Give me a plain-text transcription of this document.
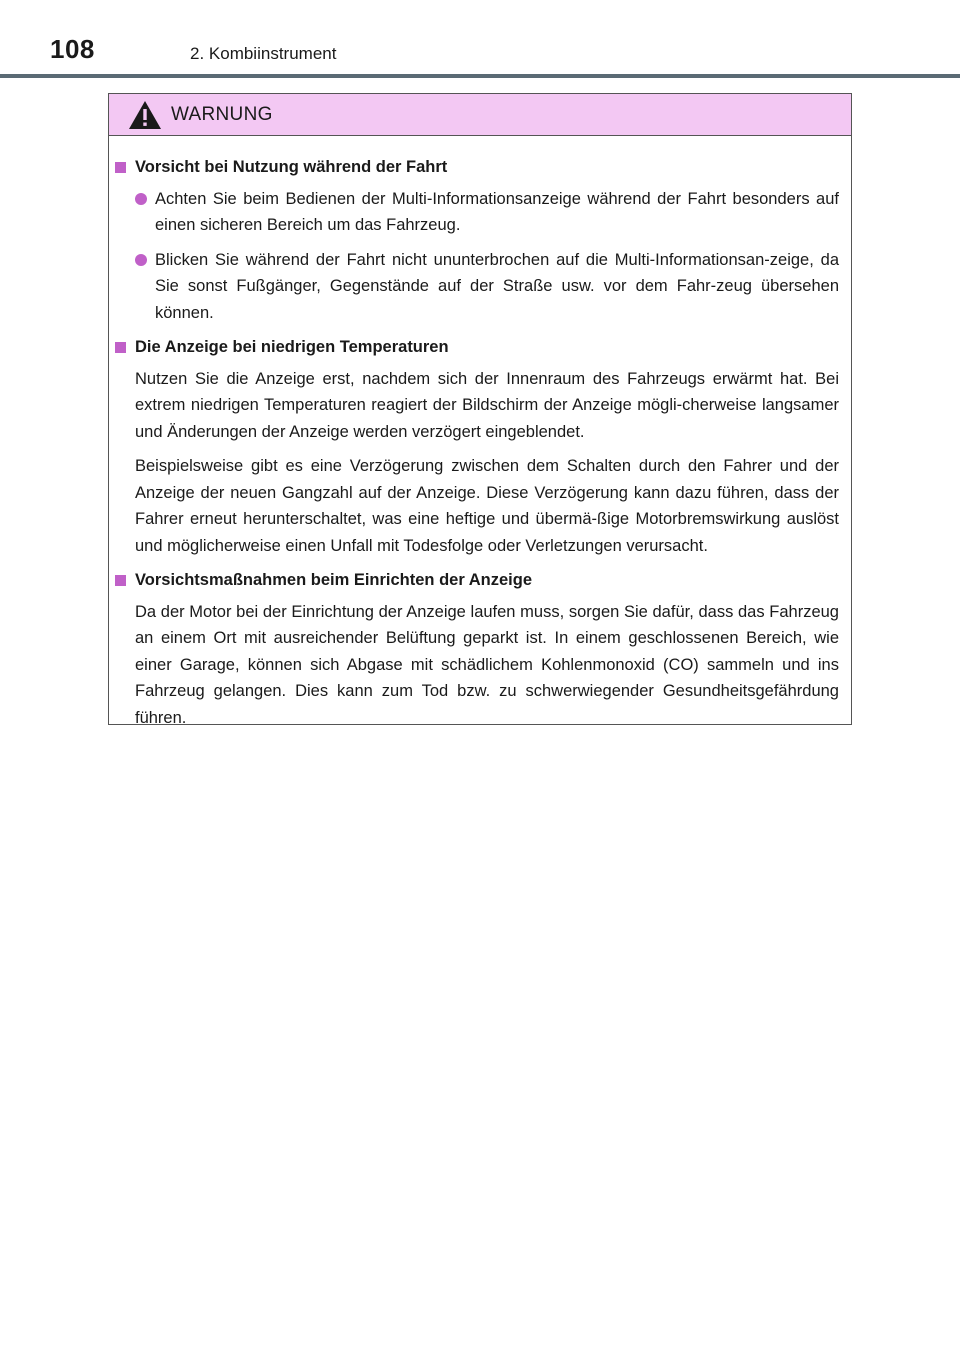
108	2. Kombiinstrument
WARNUNG
Vorsicht bei Nutzung während der Fahrt
Achten Sie beim Bedienen der Multi-Informationsanzeige während der Fahrt besonders auf einen sicheren Bereich um das Fahrzeug.
Blicken Sie während der Fahrt nicht ununterbrochen auf die Multi-Informationsan-zeige, da Sie sonst Fußgänger, Gegenstände auf der Straße usw. vor dem Fahr-zeug übersehen können.
Die Anzeige bei niedrigen Temperaturen
Nutzen Sie die Anzeige erst, nachdem sich der Innenraum des Fahrzeugs erwärmt hat. Bei extrem niedrigen Temperaturen reagiert der Bildschirm der Anzeige mögli-cherweise langsamer und Änderungen der Anzeige werden verzögert eingeblendet.
Beispielsweise gibt es eine Verzögerung zwischen dem Schalten durch den Fahrer und der Anzeige der neuen Gangzahl auf der Anzeige. Diese Verzögerung kann dazu führen, dass der Fahrer erneut herunterschaltet, was eine heftige und übermä-ßige Motorbremswirkung auslöst und möglicherweise einen Unfall mit Todesfolge oder Verletzungen verursacht.
Vorsichtsmaßnahmen beim Einrichten der Anzeige
Da der Motor bei der Einrichtung der Anzeige laufen muss, sorgen Sie dafür, dass das Fahrzeug an einem Ort mit ausreichender Belüftung geparkt ist. In einem geschlossenen Bereich, wie einer Garage, können sich Abgase mit schädlichem Kohlenmonoxid (CO) sammeln und ins Fahrzeug gelangen. Dies kann zum Tod bzw. zu schwerwiegender Gesundheitsgefährdung führen.
